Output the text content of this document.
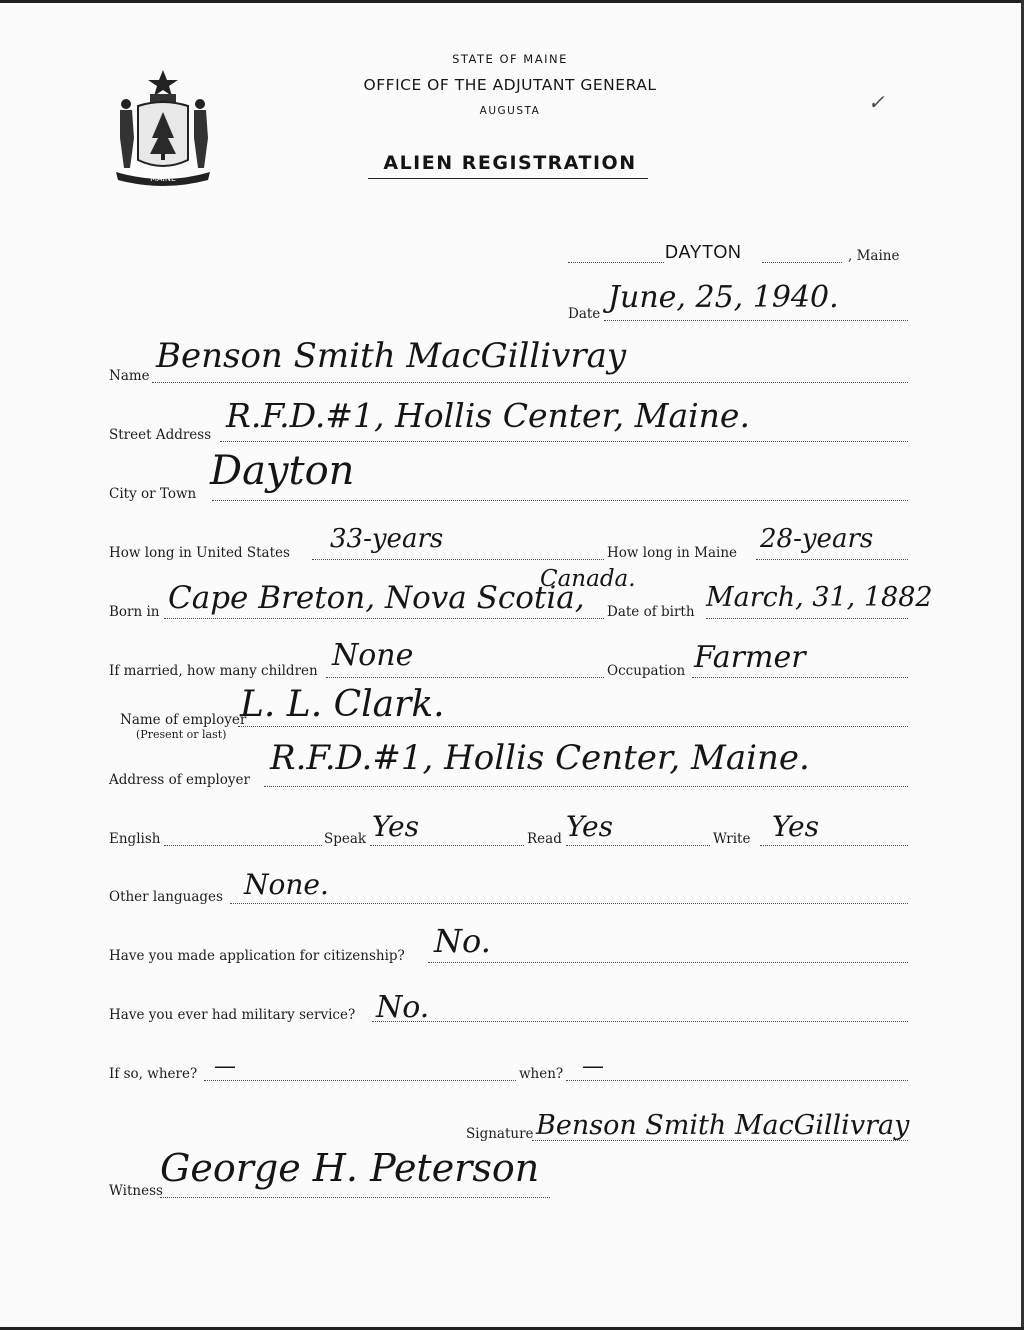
MAINE
STATE OF MAINE
OFFICE OF THE ADJUTANT GENERAL
AUGUSTA
ALIEN REGISTRATION
✓
DAYTON	, Maine
Date June, 25, 1940.
Name Benson Smith MacGillivray
Street Address R.F.D.#1, Hollis Center, Maine.
City or Town Dayton
How long in United States 33-years	How long in Maine 28-years
Born in Cape Breton, Nova Scotia,
Canada.
Date of birth March, 31, 1882
If married, how many children None	Occupation Farmer
Name of employer
(Present or last)
L. L. Clark.
Address of employer
R.F.D.#1, Hollis Center, Maine.
English	Speak Yes	Read Yes	Write Yes
Other languages None.
Have you made application for citizenship? No.
Have you ever had military service? No.
If so, where? —	when? —
Signature Benson Smith MacGillivray
Witness
George H. Peterson
